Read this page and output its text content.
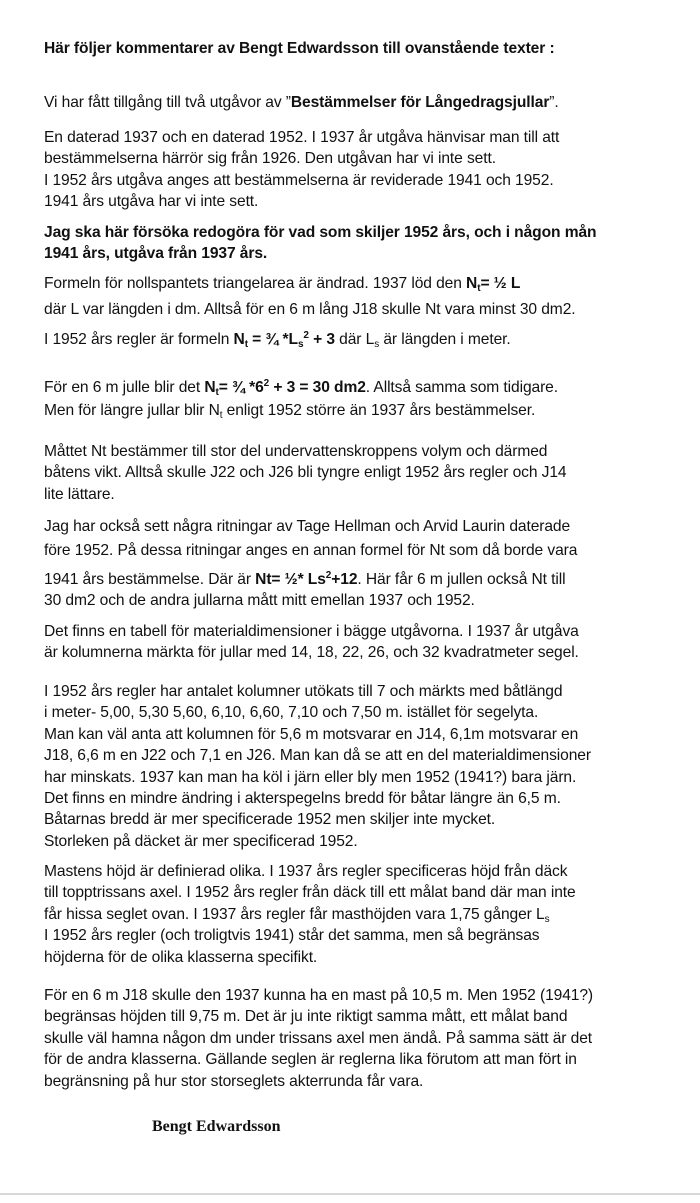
Här följer kommentarer av Bengt Edwardsson till ovanstående texter :
Vi har fått tillgång till två utgåvor av ”Bestämmelser för Långedragsjullar”.
En daterad 1937 och en daterad 1952. I 1937 år utgåva hänvisar man till att
bestämmelserna härrör sig från 1926. Den utgåvan har vi inte sett.
I 1952 års utgåva anges att bestämmelserna är reviderade 1941 och 1952.
1941 års utgåva har vi inte sett.
Jag ska här försöka redogöra för vad som skiljer 1952 års, och i någon mån
1941 års, utgåva från 1937 års.
Formeln för nollspantets triangelarea är ändrad. 1937 löd den $N_t=$ ½ L
där L var längden i dm. Alltså för en 6 m lång J18 skulle Nt vara minst 30 dm2.
I 1952 års regler är formeln $N_t$ = ¾ $*L_s^2 + 3$ där $L_s$ är längden i meter.
För en 6 m julle blir $\det N_t=$ ¾ $*6^2 + 3 = 30$ dm2. Alltså samma som tidigare.
Men för längre jullar blir $N_t$ enligt 1952 större än 1937 års bestämmelser.
Måttet Nt bestämmer till stor del undervattenskroppens volym och därmed
båtens vikt. Alltså skulle J22 och J26 bli tyngre enligt 1952 års regler och J14
lite lättare.
Jag har också sett några ritningar av Tage Hellman och Arvid Laurin daterade
före 1952. På dessa ritningar anges en annan formel för Nt som då borde vara
1941 års bestämmelse. Där är Nt= ½* $Ls^2+12$. Här får 6 m jullen också Nt till
30 dm2 och de andra jullarna mått mitt emellan 1937 och 1952.
Det finns en tabell för materialdimensioner i bägge utgåvorna. I 1937 år utgåva
är kolumnerna märkta för jullar med 14, 18, 22, 26, och 32 kvadratmeter segel.
I 1952 års regler har antalet kolumner utökats till 7 och märkts med båtlängd
i meter- 5,00, 5,30 5,60, 6,10, 6,60, 7,10 och 7,50 m. istället för segelyta.
Man kan väl anta att kolumnen för 5,6 m motsvarar en J14, 6,1m motsvarar en
J18, 6,6 m en J22 och 7,1 en J26. Man kan då se att en del materialdimensioner
har minskats. 1937 kan man ha köl i järn eller bly men 1952 (1941?) bara järn.
Det finns en mindre ändring i akterspegelns bredd för båtar längre än 6,5 m.
Båtarnas bredd är mer specificerade 1952 men skiljer inte mycket.
Storleken på däcket är mer specificerad 1952.
Mastens höjd är definierad olika. I 1937 års regler specificeras höjd från däck
till topptrissans axel. I 1952 års regler från däck till ett målat band där man inte
får hissa seglet ovan. I 1937 års regler får masthöjden vara 1,75 gånger $L_s$
I 1952 års regler (och troligtvis 1941) står det samma, men så begränsas
höjderna för de olika klasserna specifikt.
För en 6 m J18 skulle den 1937 kunna ha en mast på 10,5 m. Men 1952 (1941?)
begränsas höjden till 9,75 m. Det är ju inte riktigt samma mått, ett målat band
skulle väl hamna någon dm under trissans axel men ändå. På samma sätt är det
för de andra klasserna. Gällande seglen är reglerna lika förutom att man fört in
begränsning på hur stor storseglets akterrunda får vara.
Bengt Edwardsson
